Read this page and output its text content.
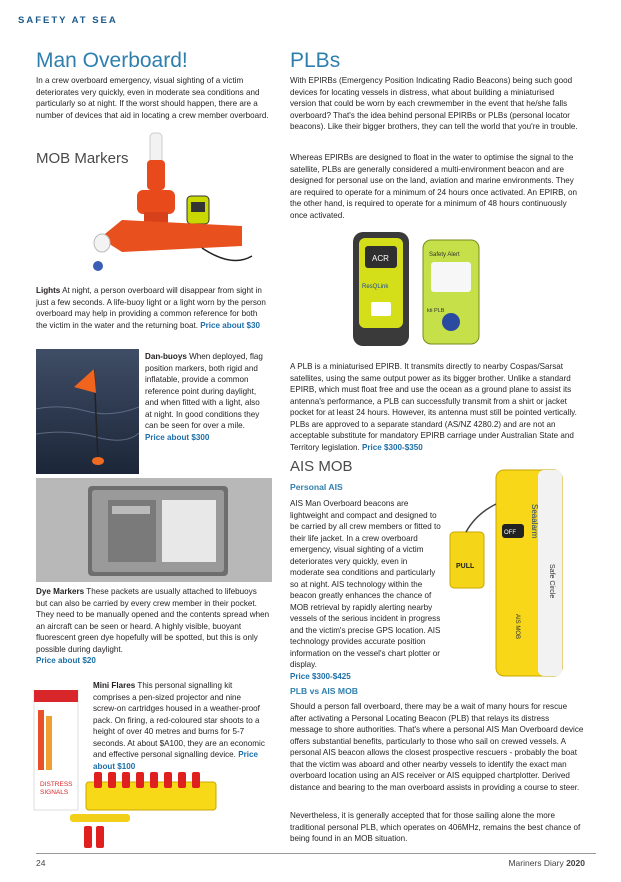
SAFETY AT SEA
Man Overboard!
In a crew overboard emergency, visual sighting of a victim deteriorates very quickly, even in moderate sea conditions and particularly so at night. If the worst should happen, there are a number of devices that aid in locating a crew member overboard.
MOB Markers
Lights At night, a person overboard will disappear from sight in just a few seconds. A life-buoy light or a light worn by the person overboard may help in providing a common reference for both the victim in the water and the returning boat. Price about $30
Dan-buoys When deployed, flag position markers, both rigid and inflatable, provide a common reference point during daylight, and when fitted with a light, also at night. In good conditions they can be seen for over a mile.
Price about $300
Dye Markers These packets are usually attached to lifebuoys but can also be carried by every crew member in their pocket. They need to be manually opened and the contents spread when an aircraft can be seen or heard. A highly visible, buoyant fluorescent green dye hopefully will be spotted, but this is only possible during daylight.
Price about $20
DISTRESS
SIGNALS
Mini Flares This personal signalling kit comprises a pen-sized projector and nine screw-on cartridges housed in a weather-proof pack. On firing, a red-coloured star shoots to a height of over 40 metres and burns for 5-7 seconds. At about $A100, they are an economic and effective personal signalling device. Price about $100
PLBs
With EPIRBs (Emergency Position Indicating Radio Beacons) being such good devices for locating vessels in distress, what about building a miniaturised version that could be worn by each crewmember in the event that he/she falls overboard? That's the idea behind personal EPIRBs or PLBs (personal locator beacons). Like their bigger brothers, they can tell the world that you're in trouble.
Whereas EPIRBs are designed to float in the water to optimise the signal to the satellite, PLBs are generally considered a multi-environment beacon and are designed for personal use on the land, aviation and marine environments. They are required to operate for a minimum of 24 hours once activated. An EPIRB, on the other hand, is required to operate for a minimum of 48 hours continuously once activated.
ACR
ResQLink
Safety Alert
kti PLB
A PLB is a miniaturised EPIRB. It transmits directly to nearby Cospas/Sarsat satellites, using the same output power as its bigger brother. Unlike a standard EPIRB, which must float free and use the ocean as a ground plane to assist its antenna's performance, a PLB can successfully transmit from a shirt or jacket pocket for at least 24 hours. However, its antenna must still be pointed vertically. PLBs are approved to a separate standard (AS/NZ 4280.2) and are not an acceptable substitute for mandatory EPIRB carriage under Australian State and Territory legislation. Price $300-$350
AIS MOB
Personal AIS
AIS Man Overboard beacons are lightweight and compact and designed to be carried by all crew members or fitted to their life jacket. In a crew overboard emergency, visual sighting of a victim deteriorates very quickly, even in moderate sea conditions and particularly so at night. AIS technology within the beacon greatly enhances the chance of MOB retrieval by rapidly alerting nearby vessels of the serious incident in progress and the victim's precise GPS location. AIS technology provides accurate position information on the vessel's chart plotter or display.
Price $300-$425
OFF Seaalarm
Safe Circle
AIS MOB
PULL
PLB vs AIS MOB
Should a person fall overboard, there may be a wait of many hours for rescue after activating a Personal Locating Beacon (PLB) that relays its distress message to shore authorities. That's where a personal AIS Man Overboard device offers substantial benefits, particularly to those who sail on crewed vessels. A personal AIS beacon allows the closest prospective rescuers - probably the boat that the victim was aboard and other nearby vessels to identify the exact man overboard location using an AIS receiver or AIS equipped chartplotter. Derived distance and bearing to the man overboard assists in providing a course to steer.
Nevertheless, it is generally accepted that for those sailing alone the more traditional personal PLB, which operates on 406MHz, remains the best chance of being found in an MOB situation.
24	Mariners Diary 2020
